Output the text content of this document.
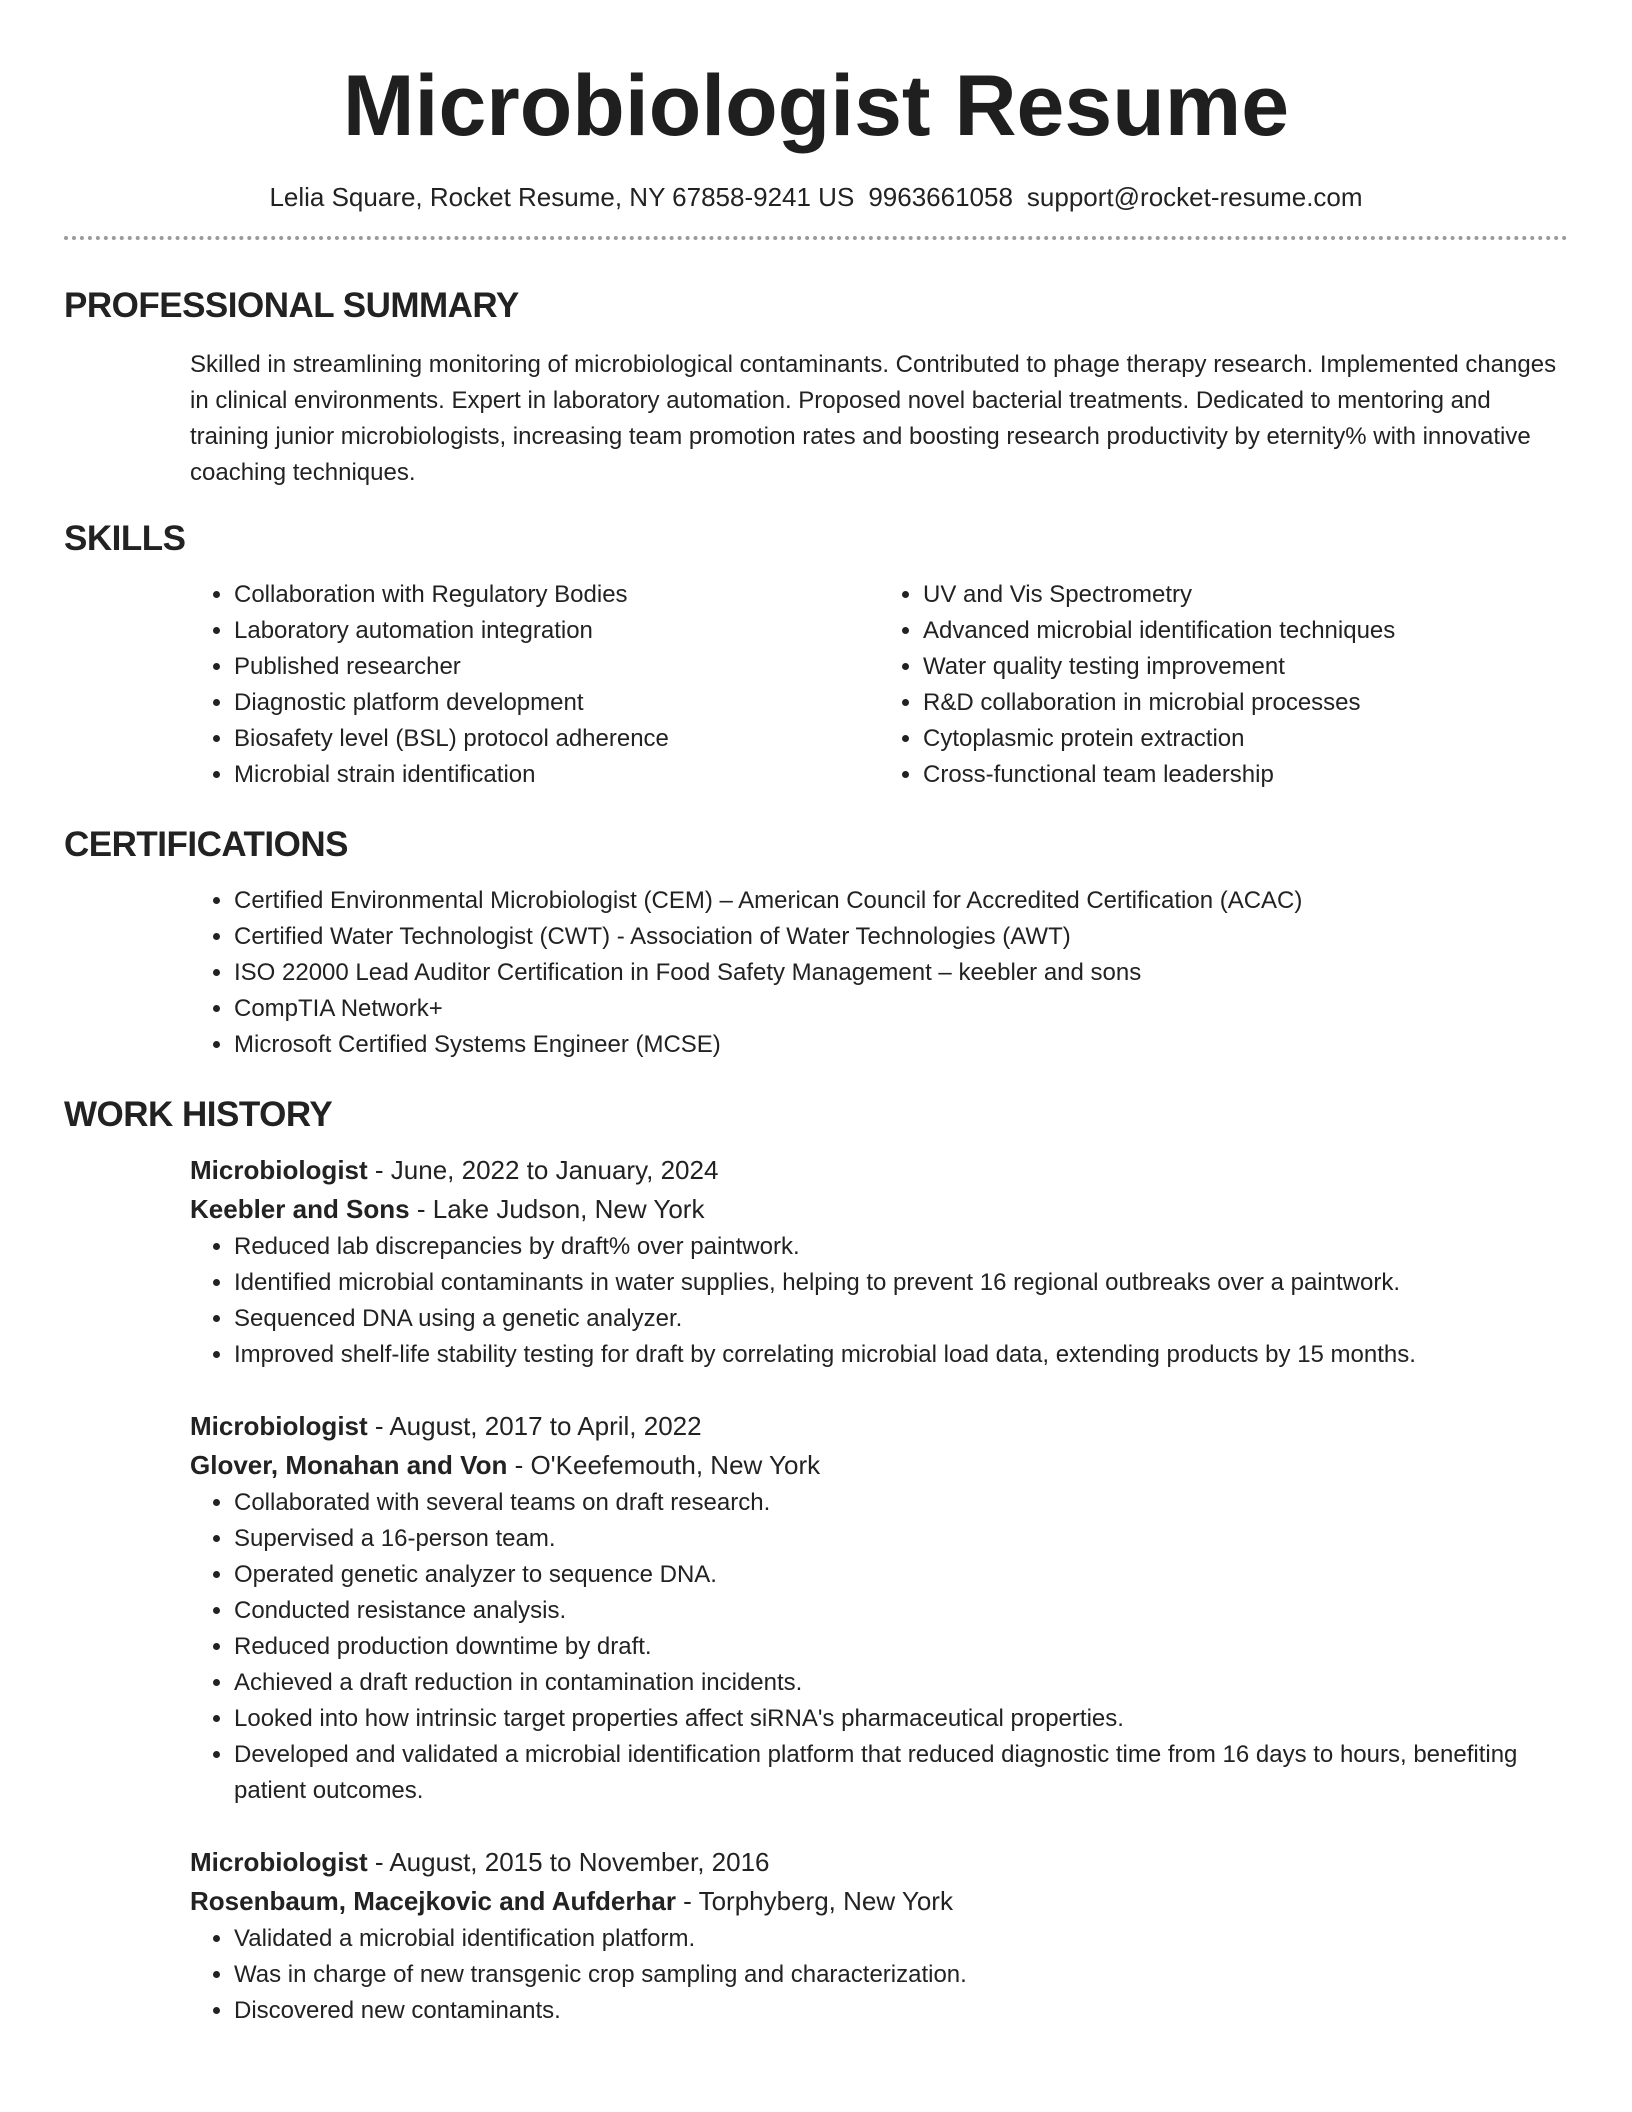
Microbiologist Resume
Lelia Square, Rocket Resume, NY 67858-9241 US 9963661058 support@rocket-resume.com
PROFESSIONAL SUMMARY

Skilled in streamlining monitoring of microbiological contaminants. Contributed to phage therapy research. Implemented changes in clinical environments. Expert in laboratory automation. Proposed novel bacterial treatments. Dedicated to mentoring and training junior microbiologists, increasing team promotion rates and boosting research productivity by eternity% with innovative coaching techniques.

SKILLS
• Collaboration with Regulatory Bodies
• Laboratory automation integration
• Published researcher
• Diagnostic platform development
• Biosafety level (BSL) protocol adherence
• Microbial strain identification
• UV and Vis Spectrometry
• Advanced microbial identification techniques
• Water quality testing improvement
• R&D collaboration in microbial processes
• Cytoplasmic protein extraction
• Cross-functional team leadership
CERTIFICATIONS
• Certified Environmental Microbiologist (CEM) – American Council for Accredited Certification (ACAC)
• Certified Water Technologist (CWT) - Association of Water Technologies (AWT)
• ISO 22000 Lead Auditor Certification in Food Safety Management – keebler and sons
• CompTIA Network+
• Microsoft Certified Systems Engineer (MCSE)
WORK HISTORY

Microbiologist - June, 2022 to January, 2024

Keebler and Sons - Lake Judson, New York

• Reduced lab discrepancies by draft% over paintwork.
• Identified microbial contaminants in water supplies, helping to prevent 16 regional outbreaks over a paintwork.
• Sequenced DNA using a genetic analyzer.
• Improved shelf-life stability testing for draft by correlating microbial load data, extending products by 15 months.

Microbiologist - August, 2017 to April, 2022

Glover, Monahan and Von - O'Keefemouth, New York

• Collaborated with several teams on draft research.
• Supervised a 16-person team.
• Operated genetic analyzer to sequence DNA.
• Conducted resistance analysis.
• Reduced production downtime by draft.
• Achieved a draft reduction in contamination incidents.
• Looked into how intrinsic target properties affect siRNA's pharmaceutical properties.
• Developed and validated a microbial identification platform that reduced diagnostic time from 16 days to hours, benefiting patient outcomes.

Microbiologist - August, 2015 to November, 2016

Rosenbaum, Macejkovic and Aufderhar - Torphyberg, New York

• Validated a microbial identification platform.
• Was in charge of new transgenic crop sampling and characterization.
• Discovered new contaminants.
